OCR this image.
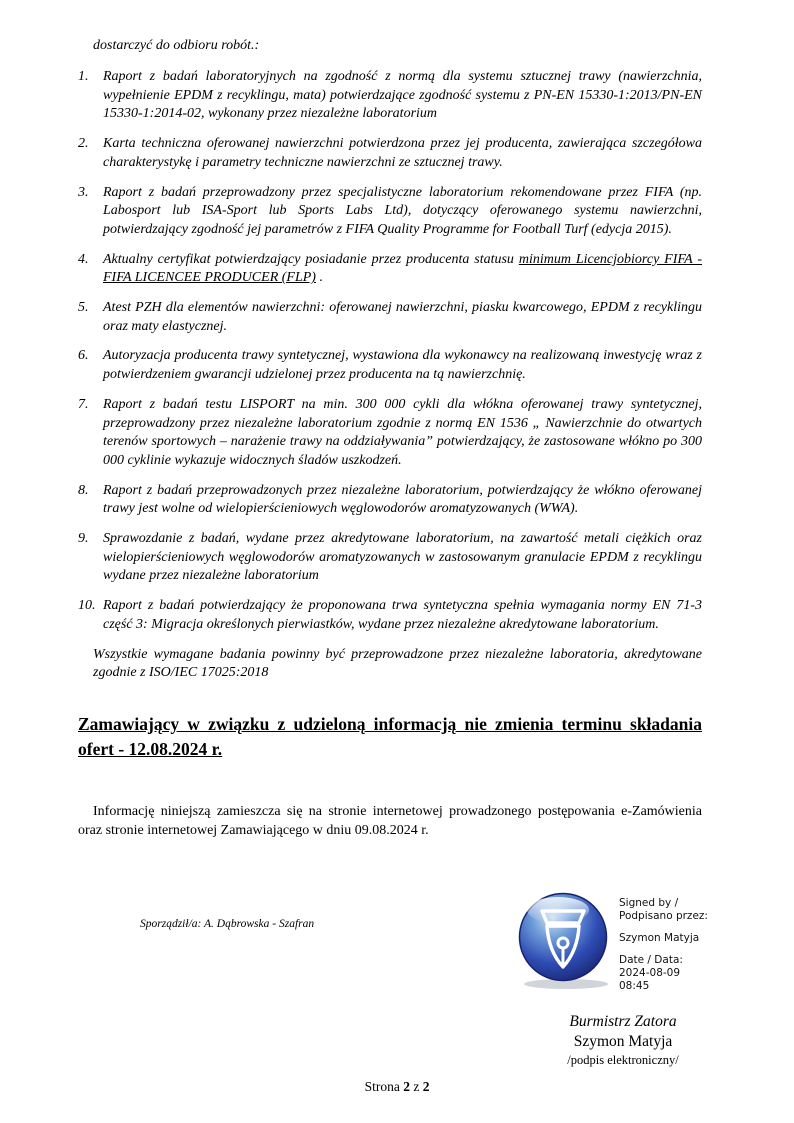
dostarczyć do odbioru robót.:

1.	Raport z badań laboratoryjnych na zgodność z normą dla systemu sztucznej trawy (nawierzchnia, wypełnienie EPDM z recyklingu, mata) potwierdzające zgodność systemu z PN-EN 15330-1:2013/PN-EN 15330-1:2014-02, wykonany przez niezależne laboratorium
2.	Karta techniczna oferowanej nawierzchni potwierdzona przez jej producenta, zawierająca szczegółowa charakterystykę i parametry techniczne nawierzchni ze sztucznej trawy.
3.	Raport z badań przeprowadzony przez specjalistyczne laboratorium rekomendowane przez FIFA (np. Labosport lub ISA-Sport lub Sports Labs Ltd), dotyczący oferowanego systemu nawierzchni, potwierdzający zgodność jej parametrów z FIFA Quality Programme for Football Turf (edycja 2015).
4.	Aktualny certyfikat potwierdzający posiadanie przez producenta statusu minimum Licencjobiorcy FIFA - FIFA LICENCEE PRODUCER (FLP) .
5.	Atest PZH dla elementów nawierzchni: oferowanej nawierzchni, piasku kwarcowego, EPDM z recyklingu oraz maty elastycznej.
6.	Autoryzacja producenta trawy syntetycznej, wystawiona dla wykonawcy na realizowaną inwestycję wraz z potwierdzeniem gwarancji udzielonej przez producenta na tą nawierzchnię.
7.	Raport z badań testu LISPORT na min. 300 000 cykli dla włókna oferowanej trawy syntetycznej, przeprowadzony przez niezależne laboratorium zgodnie z normą EN 1536 „ Nawierzchnie do otwartych terenów sportowych – narażenie trawy na oddziaływania” potwierdzający, że zastosowane włókno po 300 000 cyklinie wykazuje widocznych śladów uszkodzeń.
8.	Raport z badań przeprowadzonych przez niezależne laboratorium, potwierdzający że włókno oferowanej trawy jest wolne od wielopierścieniowych węglowodorów aromatyzowanych (WWA).
9.	Sprawozdanie z badań, wydane przez akredytowane laboratorium, na zawartość metali ciężkich oraz wielopierścieniowych węglowodorów aromatyzowanych w zastosowanym granulacie EPDM z recyklingu wydane przez niezależne laboratorium
10. Raport z badań potwierdzający że proponowana trwa syntetyczna spełnia wymagania normy EN 71-3 część 3: Migracja określonych pierwiastków, wydane przez niezależne akredytowane laboratorium.

Wszystkie wymagane badania powinny być przeprowadzone przez niezależne laboratoria, akredytowane zgodnie z ISO/IEC 17025:2018

Zamawiający w związku z udzieloną informacją nie zmienia terminu składania ofert - 12.08.2024 r.

Informację niniejszą zamieszcza się na stronie internetowej prowadzonego postępowania e-Zamówienia oraz stronie internetowej Zamawiającego w dniu 09.08.2024 r.

Sporządził/a: A. Dąbrowska - Szafran
Signed by /
Podpisano przez:
Szymon Matyja
Date / Data:
2024-08-09
08:45
Burmistrz Zatora
Szymon Matyja
/podpis elektroniczny/
Strona 2 z 2
